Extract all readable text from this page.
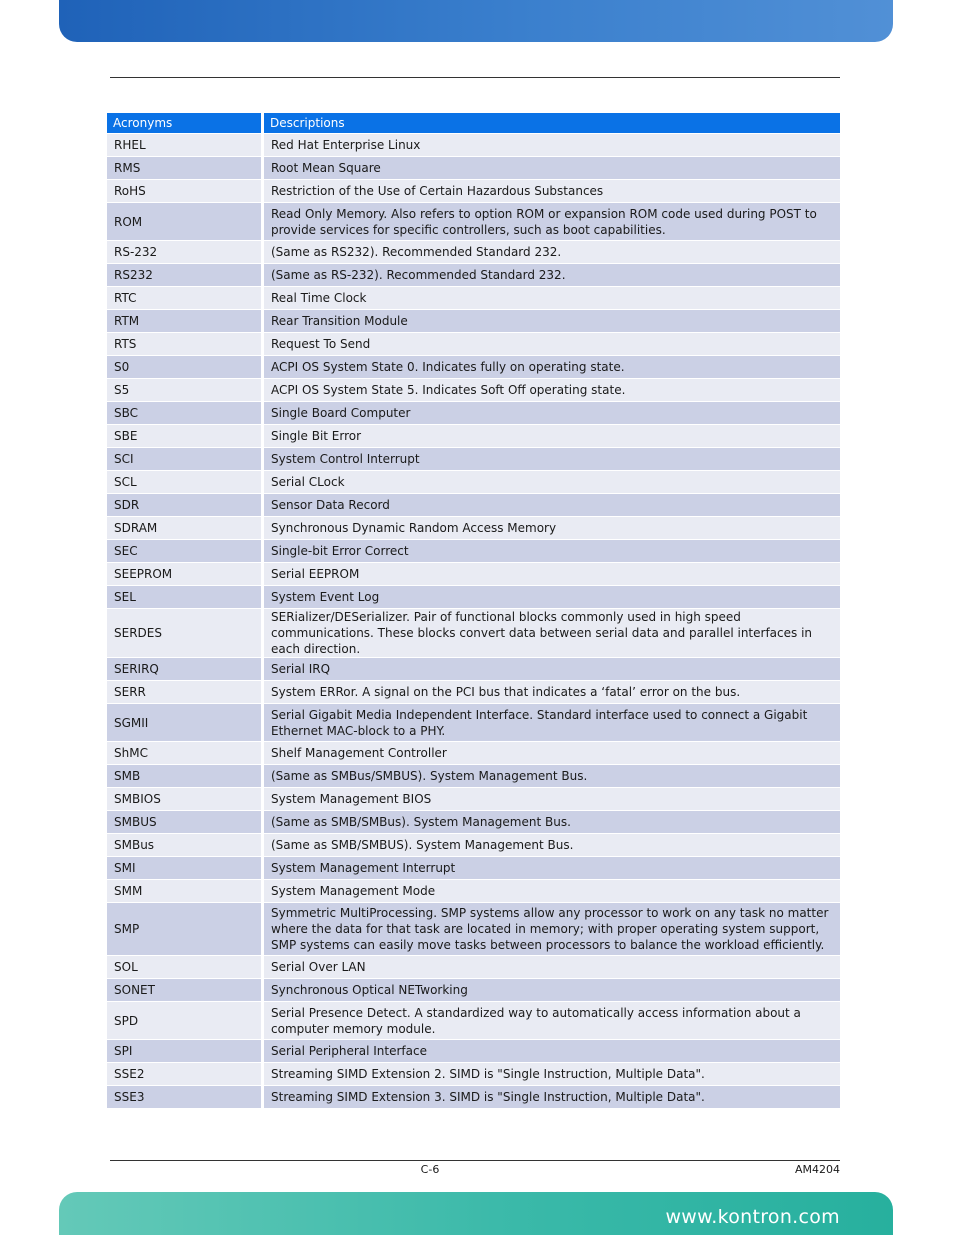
Acronyms	Descriptions
RHEL	Red Hat Enterprise Linux
RMS	Root Mean Square
RoHS	Restriction of the Use of Certain Hazardous Substances
ROM	Read Only Memory. Also refers to option ROM or expansion ROM code used during POST to provide services for specific controllers, such as boot capabilities.
RS-232	(Same as RS232). Recommended Standard 232.
RS232	(Same as RS-232). Recommended Standard 232.
RTC	Real Time Clock
RTM	Rear Transition Module
RTS	Request To Send
S0	ACPI OS System State 0. Indicates fully on operating state.
S5	ACPI OS System State 5. Indicates Soft Off operating state.
SBC	Single Board Computer
SBE	Single Bit Error
SCI	System Control Interrupt
SCL	Serial CLock
SDR	Sensor Data Record
SDRAM	Synchronous Dynamic Random Access Memory
SEC	Single-bit Error Correct
SEEPROM	Serial EEPROM
SEL	System Event Log
SERDES	SERializer/DESerializer. Pair of functional blocks commonly used in high speed communications. These blocks convert data between serial data and parallel interfaces in each direction.
SERIRQ	Serial IRQ
SERR	System ERRor. A signal on the PCI bus that indicates a ‘fatal’ error on the bus.
SGMII	Serial Gigabit Media Independent Interface. Standard interface used to connect a Gigabit Ethernet MAC-block to a PHY.
ShMC	Shelf Management Controller
SMB	(Same as SMBus/SMBUS). System Management Bus.
SMBIOS	System Management BIOS
SMBUS	(Same as SMB/SMBus). System Management Bus.
SMBus	(Same as SMB/SMBUS). System Management Bus.
SMI	System Management Interrupt
SMM	System Management Mode
SMP	Symmetric MultiProcessing. SMP systems allow any processor to work on any task no matter where the data for that task are located in memory; with proper operating system support, SMP systems can easily move tasks between processors to balance the workload efficiently.
SOL	Serial Over LAN
SONET	Synchronous Optical NETworking
SPD	Serial Presence Detect. A standardized way to automatically access information about a computer memory module.
SPI	Serial Peripheral Interface
SSE2	Streaming SIMD Extension 2. SIMD is "Single Instruction, Multiple Data".
SSE3	Streaming SIMD Extension 3. SIMD is "Single Instruction, Multiple Data".
C-6	AM4204
www.kontron.com
